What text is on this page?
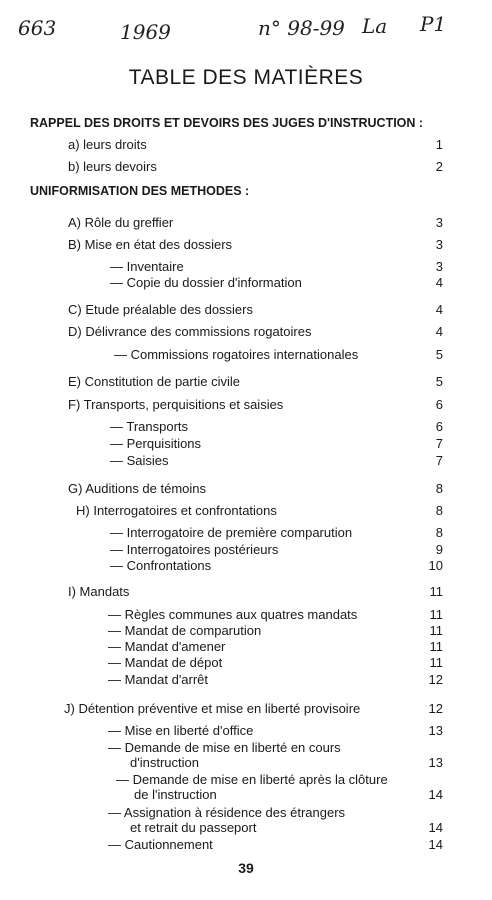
663	1969	n° 98-99 La P1
TABLE DES MATIÈRES
RAPPEL DES DROITS ET DEVOIRS DES JUGES D'INSTRUCTION :
a) leurs droits	1
b) leurs devoirs	2
UNIFORMISATION DES METHODES :
A) Rôle du greffier	3
B) Mise en état des dossiers	3
— Inventaire	3
— Copie du dossier d'information	4
C) Etude préalable des dossiers	4
D) Délivrance des commissions rogatoires	4
— Commissions rogatoires internationales	5
E) Constitution de partie civile	5
F) Transports, perquisitions et saisies	6
— Transports	6
— Perquisitions	7
— Saisies	7
G) Auditions de témoins	8
H) Interrogatoires et confrontations	8
— Interrogatoire de première comparution	8
— Interrogatoires postérieurs	9
— Confrontations	10
I) Mandats	11
— Règles communes aux quatres mandats	11
— Mandat de comparution	11
— Mandat d'amener	11
— Mandat de dépot	11
— Mandat d'arrêt	12
J) Détention préventive et mise en liberté provisoire	12
— Mise en liberté d'office	13
— Demande de mise en liberté en cours
d'instruction	13
— Demande de mise en liberté après la clôture
de l'instruction	14
— Assignation à résidence des étrangers
et retrait du passeport	14
— Cautionnement	14
39
